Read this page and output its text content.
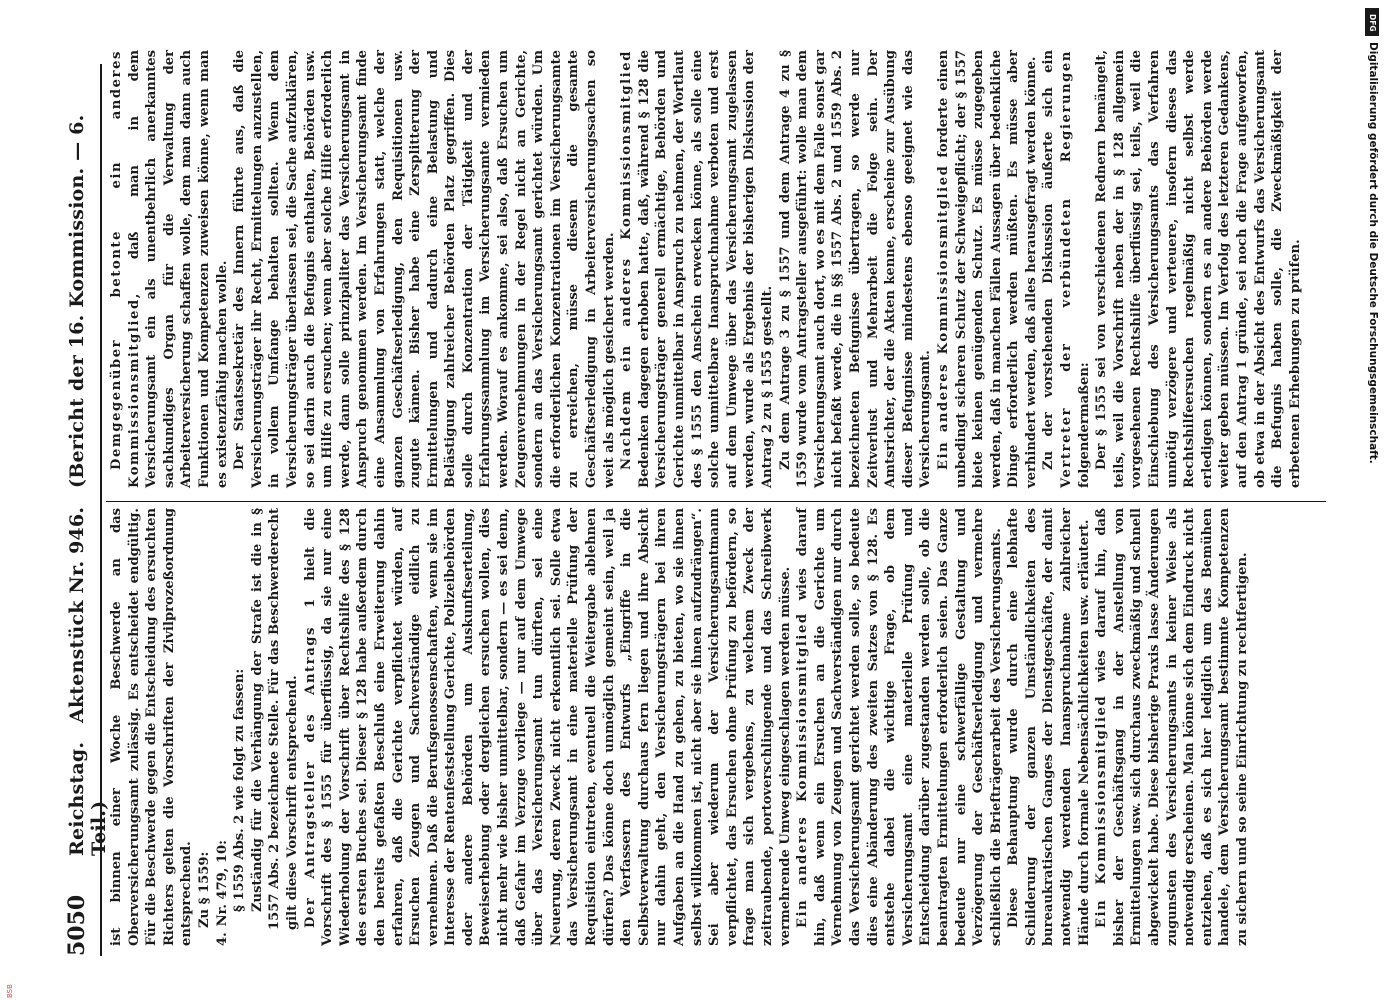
5050
Reichstag. Aktenstück Nr. 946. (Bericht der 16. Kommission. — 6. Teil.) ist binnen einer Woche Beschwerde an das Oberversicherungsamt zulässig. Es entscheidet endgültig. Für die Beschwerde gegen die Entscheidung des ersuchten Richters gelten die Vorschriften der Zivilprozeßordnung entsprechend. Zu § 1559:

4.Nr. 479, 10: § 1559 Abs. 2 wie folgt zu fassen: Zuständig für die Verhängung der Strafe ist die in § 1557 Abs. 2 bezeichnete Stelle. Für das Beschwerderecht gilt diese Vorschrift entsprechend. Der Antragsteller des Antrags 1 hielt die Vorschrift des § 1555 für überflüssig, da sie nur eine Wiederholung der Vorschrift über Rechtshilfe des § 128 des ersten Buches sei. Dieser § 128 habe außerdem durch den bereits gefaßten Beschluß eine Erweiterung dahin erfahren, daß die Gerichte verpflichtet würden, auf Ersuchen Zeugen und Sachverständige eidlich zu vernehmen. Daß die Berufsgenossenschaften, wenn sie im Interesse der Rentenfeststellung Gerichte, Polizeibehörden oder andere Behörden um Auskunftserteilung, Beweiserhebung oder dergleichen ersuchen wollen, dies nicht mehr wie bisher unmittelbar, sondern — es sei denn, daß Gefahr im Verzuge vorliege — nur auf dem Umwege über das Versicherungsamt tun dürften, sei eine Neuerung, deren Zweck nicht erkenntlich sei. Solle etwa das Versicherungsamt in eine materielle Prüfung der Requisition eintreten, eventuell die Weitergabe ablehnen dürfen? Das könne doch unmöglich gemeint sein, weil ja den Verfassern des Entwurfs „Eingriffe in die Selbstverwaltung durchaus fern liegen und ihre Absicht nur dahin geht, den Versicherungsträgern bei ihren Aufgaben an die Hand zu gehen, zu bieten, wo sie ihnen selbst willkommen ist, nicht aber sie ihnen aufzudrängen“. Sei aber wiederum der Versicherungsamtmann verpflichtet, das Ersuchen ohne Prüfung zu befördern, so frage man sich vergebens, zu welchem Zweck der zeitraubende, portoverschlingende und das Schreibwerk vermehrende Umweg eingeschlagen werden müsse. Ein anderes Kommissionsmitglied wies darauf hin, daß wenn ein Ersuchen an die Gerichte um Vernehmung von Zeugen und Sachverständigen nur durch das Versicherungsamt gerichtet werden solle, so bedeute dies eine Abänderung des zweiten Satzes von § 128. Es entstehe dabei die wichtige Frage, ob dem Versicherungsamt eine materielle Prüfung und Entscheidung darüber zugestanden werden solle, ob die beantragten Ermittelungen erforderlich seien. Das Ganze bedeute nur eine schwerfällige Gestaltung und Verzögerung der Geschäftserledigung und vermehre schließlich die Briefträgerarbeit des Versicherungsamts. Diese Behauptung wurde durch eine lebhafte Schilderung der ganzen Umständlichkeiten des bureaukratischen Ganges der Dienstgeschäfte, der damit notwendig werdenden Inanspruchnahme zahlreicher Hände durch formale Nebensächlichkeiten usw. erläutert. Ein Kommissionsmitglied wies darauf hin, daß bisher der Geschäftsgang in der Anstellung von Ermittelungen usw. sich durchaus zweckmäßig und schnell abgewickelt habe. Diese bisherige Praxis lasse Änderungen zugunsten des Versicherungsamts in keiner Weise als notwendig erscheinen. Man könne sich dem Eindruck nicht entziehen, daß es sich hier lediglich um das Bemühen handele, dem Versicherungsamt bestimmte Kompetenzen zu sichern und so seine Einrichtung zu rechtfertigen.

Demgegenüber betonte ein anderes Kommissionsmitglied, daß man in dem Versicherungsamt ein als unentbehrlich anerkanntes sachkundiges Organ für die Verwaltung der Arbeiterversicherung schaffen wolle, dem man dann auch Funktionen und Kompetenzen zuweisen könne, wenn man es existenzfähig machen wolle. Der Staatssekretär des Innern führte aus, daß die Versicherungsträger ihr Recht, Ermittelungen anzustellen, in vollem Umfange behalten sollten. Wenn dem Versicherungsträger überlassen sei, die Sache aufzuklären, so sei darin auch die Befugnis enthalten, Behörden usw. um Hilfe zu ersuchen; wenn aber solche Hilfe erforderlich werde, dann solle prinzipaliter das Versicherungsamt in Anspruch genommen werden. Im Versicherungsamt finde eine Ansammlung von Erfahrungen statt, welche der ganzen Geschäftserledigung, den Requisitionen usw. zugute kämen. Bisher habe eine Zersplitterung der Ermittelungen und dadurch eine Belastung und Belästigung zahlreicher Behörden Platz gegriffen. Dies solle durch Konzentration der Tätigkeit und der Erfahrungssammlung im Versicherungsamte vermieden werden. Worauf es ankomme, sei also, daß Ersuchen um Zeugenvernehmungen in der Regel nicht an Gerichte, sondern an das Versicherungsamt gerichtet würden. Um die erforderlichen Konzentrationen im Versicherungsamte zu erreichen, müsse diesem die gesamte Geschäftserledigung in Arbeiterversicherungssachen so weit als möglich gesichert werden. Nachdem ein anderes Kommissionsmitglied Bedenken dagegen erhoben hatte, daß, während § 128 die Versicherungsträger generell ermächtige, Behörden und Gerichte unmittelbar in Anspruch zu nehmen, der Wortlaut des § 1555 den Anschein erwecken könne, als solle eine solche unmittelbare Inanspruchnahme verboten und erst auf dem Umwege über das Versicherungsamt zugelassen werden, wurde als Ergebnis der bisherigen Diskussion der Antrag 2 zu § 1555 gestellt. Zu dem Antrage 3 zu § 1557 und dem Antrage 4 zu § 1559 wurde vom Antragsteller ausgeführt: wolle man dem Versicherungsamt auch dort, wo es mit dem Falle sonst gar nicht befaßt werde, die in §§ 1557 Abs. 2 und 1559 Abs. 2 bezeichneten Befugnisse übertragen, so werde nur Zeitverlust und Mehrarbeit die Folge sein. Der Amtsrichter, der die Akten kenne, erscheine zur Ausübung dieser Befugnisse mindestens ebenso geeignet wie das Versicherungsamt. Ein anderes Kommissionsmitglied forderte einen unbedingt sicheren Schutz der Schweigepflicht; der § 1557 biete keinen genügenden Schutz. Es müsse zugegeben werden, daß in manchen Fällen Aussagen über bedenkliche Dinge erforderlich werden müßten. Es müsse aber verhindert werden, daß alles herausgefragt werden könne. Zu der vorstehenden Diskussion äußerte sich ein Vertreter der verbündeten Regierungen folgendermaßen: Der § 1555 sei von verschiedenen Rednern bemängelt, teils, weil die Vorschrift neben der in § 128 allgemein vorgesehenen Rechtshilfe überflüssig sei, teils, weil die Einschiebung des Versicherungsamts das Verfahren unnötig verzögere und verteuere, insofern dieses das Rechtshilfeersuchen regelmäßig nicht selbst werde erledigen können, sondern es an andere Behörden werde weiter geben müssen. Im Verfolg des letzteren Gedankens, auf den Antrag 1 gründe, sei noch die Frage aufgeworfen, ob etwa in der Absicht des Entwurfs das Versicherungsamt die Befugnis haben solle, die Zweckmäßigkeit der erbetenen Erhebungen zu prüfen.

DFG
Digitalisierung gefördert durch die Deutsche Forschungsgemeinschaft.
BSB
